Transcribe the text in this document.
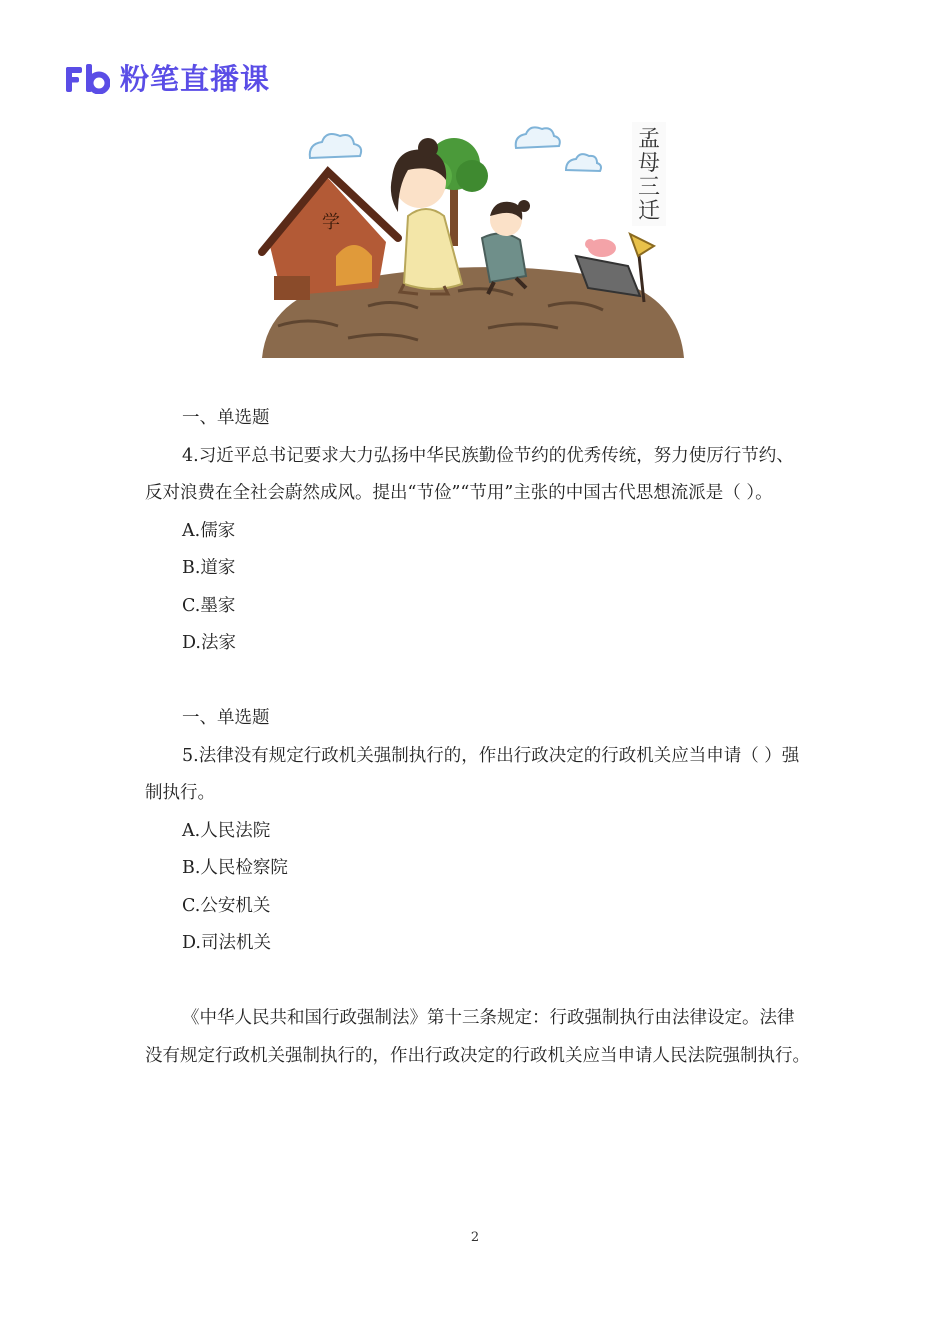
粉笔直播课
学
孟母三迁

一、单选题

4.习近平总书记要求大力弘扬中华民族勤俭节约的优秀传统，努力使厉行节约、反对浪费在全社会蔚然成风。提出“节俭”“节用”主张的中国古代思想流派是（ ）。

A.儒家

B.道家

C.墨家

D.法家

一、单选题

5.法律没有规定行政机关强制执行的，作出行政决定的行政机关应当申请（ ）强制执行。

A.人民法院

B.人民检察院

C.公安机关

D.司法机关

《中华人民共和国行政强制法》第十三条规定：行政强制执行由法律设定。法律没有规定行政机关强制执行的，作出行政决定的行政机关应当申请人民法院强制执行。

2
